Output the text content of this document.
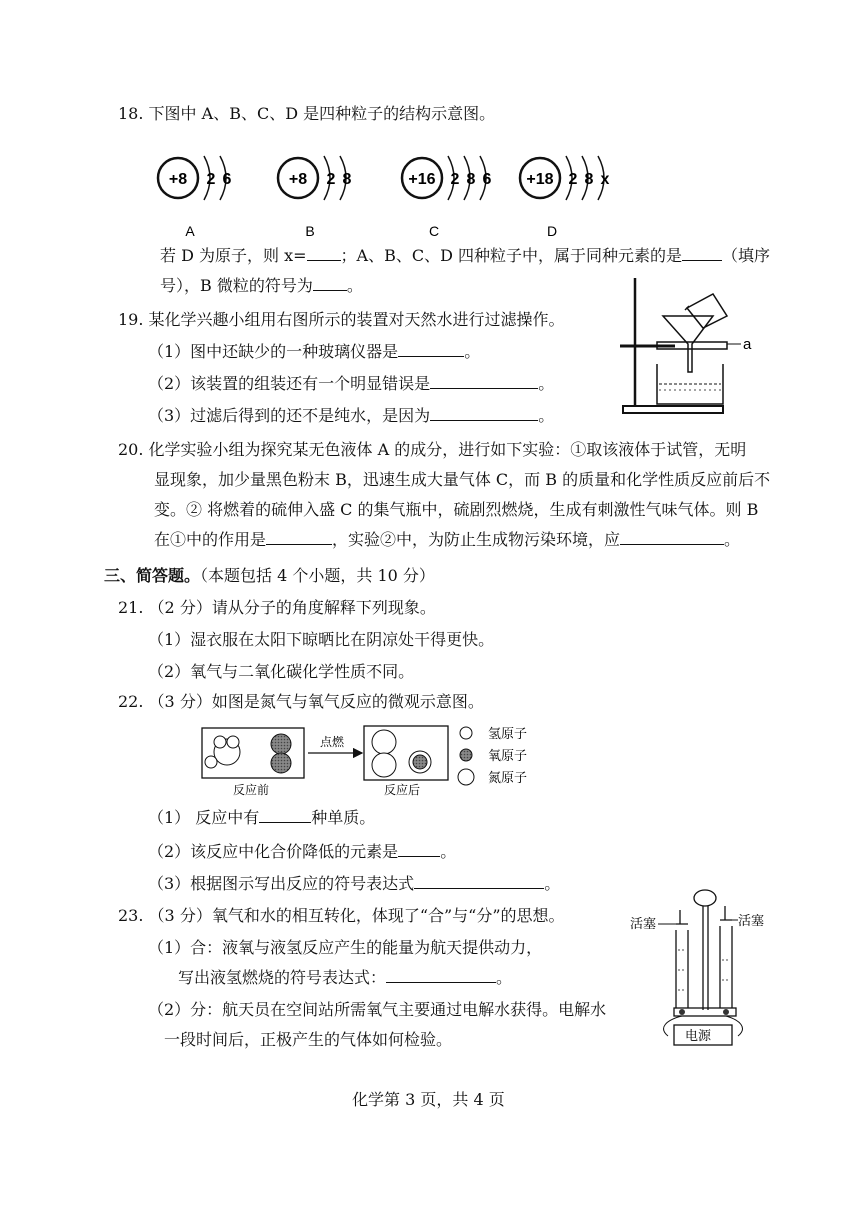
18. 下图中 A、B、C、D 是四种粒子的结构示意图。
+8 2 6
A
+8 2 8
B
+16 2 8 6
C
+18 2 8 x
D
若 D 为原子，则 x= ；A、B、C、D 四种粒子中，属于同种元素的是	（填序
号），B 微粒的符号为 。
19. 某化学兴趣小组用右图所示的装置对天然水进行过滤操作。
（1）图中还缺少的一种玻璃仪器是	。
（2）该装置的组装还有一个明显错误是	。
（3）过滤后得到的还不是纯水，是因为	。
a
20. 化学实验小组为探究某无色液体 A 的成分，进行如下实验：①取该液体于试管，无明
显现象，加少量黑色粉末 B，迅速生成大量气体 C，而 B 的质量和化学性质反应前后不
变。② 将燃着的硫伸入盛 C 的集气瓶中，硫剧烈燃烧，生成有刺激性气味气体。则 B
在①中的作用是	，实验②中，为防止生成物污染环境，应	。
三、简答题。（本题包括 4 个小题，共 10 分）
21. （2 分）请从分子的角度解释下列现象。
（1）湿衣服在太阳下晾晒比在阴凉处干得更快。
（2）氧气与二氧化碳化学性质不同。
22. （3 分）如图是氮气与氧气反应的微观示意图。
反应前
点燃
反应后
氢原子
氧原子
氮原子
（1） 反应中有	种单质。
（2）该反应中化合价降低的元素是	。
（3）根据图示写出反应的符号表达式	。
23. （3 分）氧气和水的相互转化，体现了“合”与“分”的思想。
（1）合：液氧与液氢反应产生的能量为航天提供动力，
写出液氢燃烧的符号表达式：	。
（2）分：航天员在空间站所需氧气主要通过电解水获得。电解水
一段时间后，正极产生的气体如何检验。
活塞	活塞
电源
化学第 3 页，共 4 页
